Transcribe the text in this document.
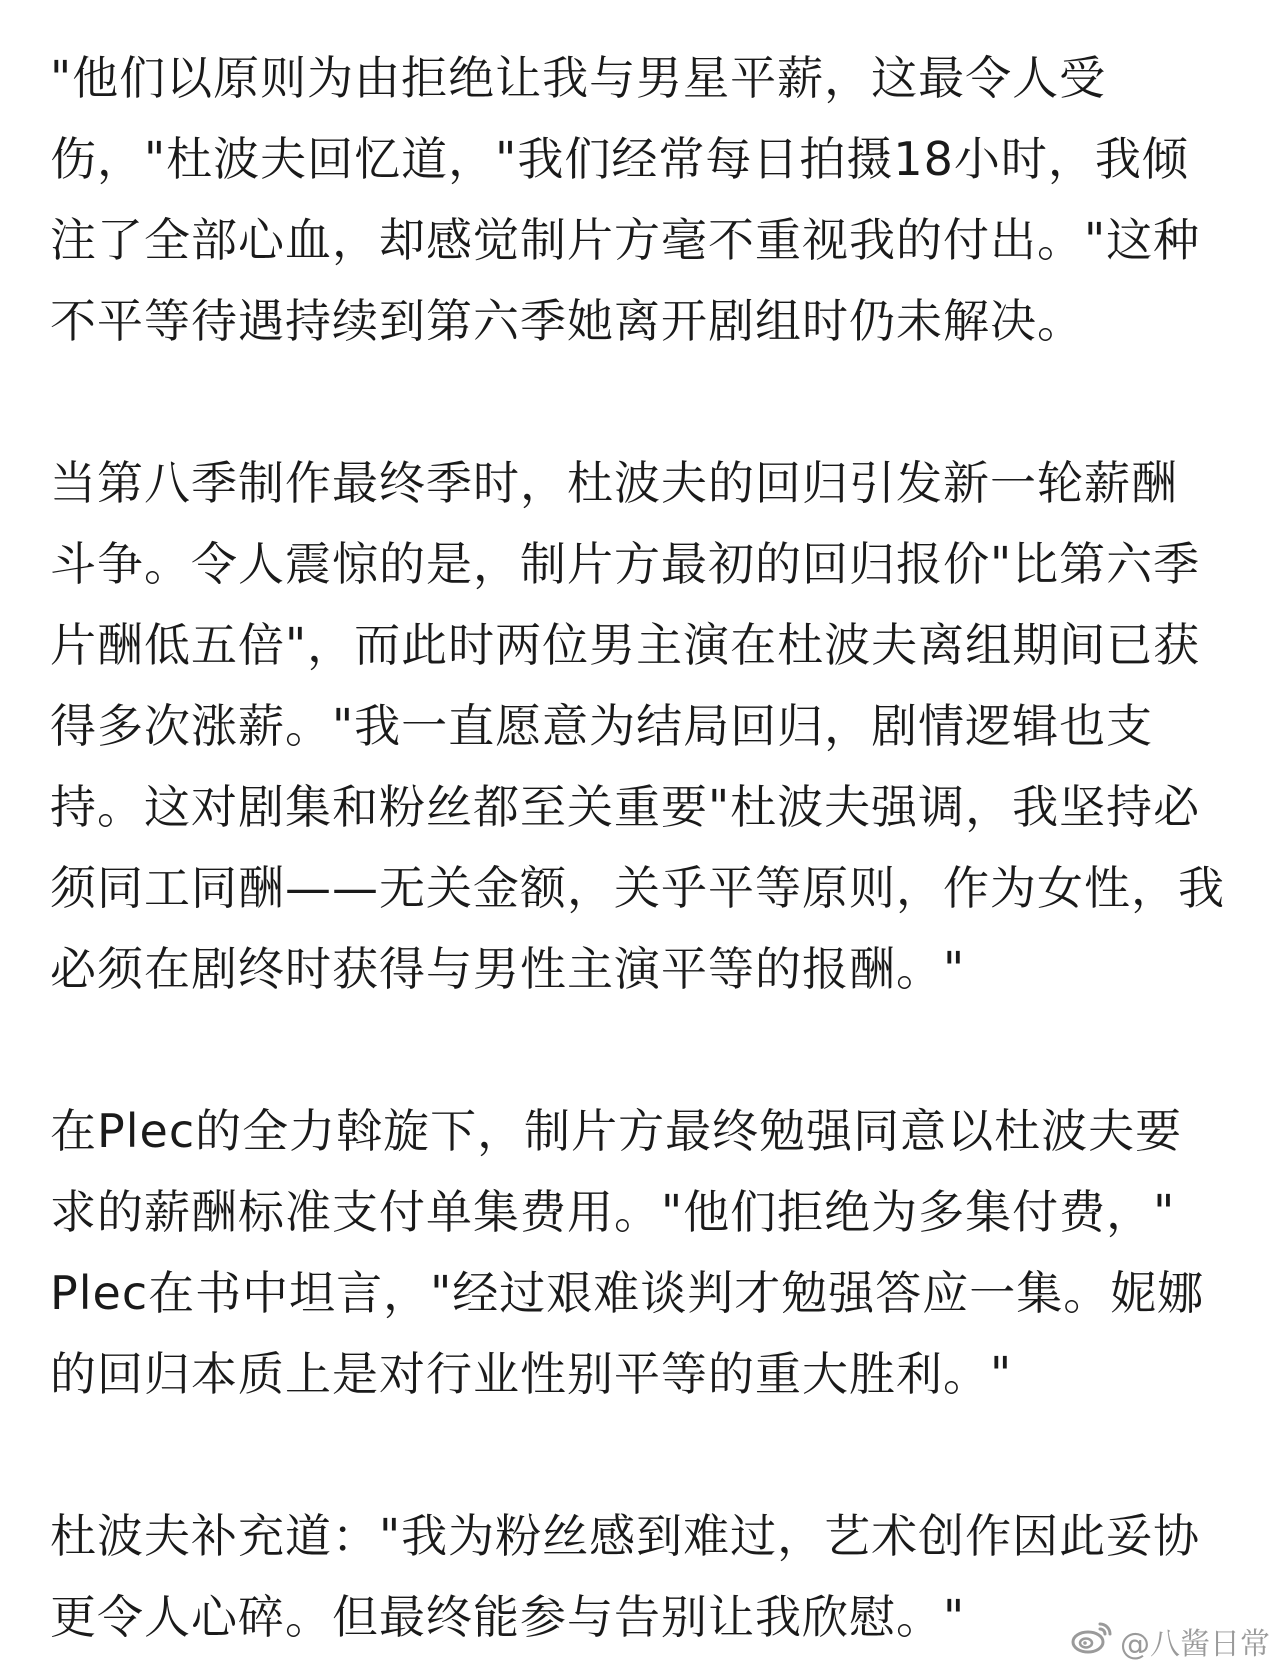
"他们以原则为由拒绝让我与男星平薪，这最令人受
伤，"杜波夫回忆道，"我们经常每日拍摄18小时，我倾
注了全部心血，却感觉制片方毫不重视我的付出。"这种
不平等待遇持续到第六季她离开剧组时仍未解决。

当第八季制作最终季时，杜波夫的回归引发新一轮薪酬
斗争。令人震惊的是，制片方最初的回归报价"比第六季
片酬低五倍"，而此时两位男主演在杜波夫离组期间已获
得多次涨薪。"我一直愿意为结局回归，剧情逻辑也支
持。这对剧集和粉丝都至关重要"杜波夫强调，我坚持必
须同工同酬——无关金额，关乎平等原则，作为女性，我
必须在剧终时获得与男性主演平等的报酬。"

在Plec的全力斡旋下，制片方最终勉强同意以杜波夫要
求的薪酬标准支付单集费用。"他们拒绝为多集付费，"
Plec在书中坦言，"经过艰难谈判才勉强答应一集。妮娜
的回归本质上是对行业性别平等的重大胜利。"

杜波夫补充道："我为粉丝感到难过，艺术创作因此妥协
更令人心碎。但最终能参与告别让我欣慰。"

@八酱日常
